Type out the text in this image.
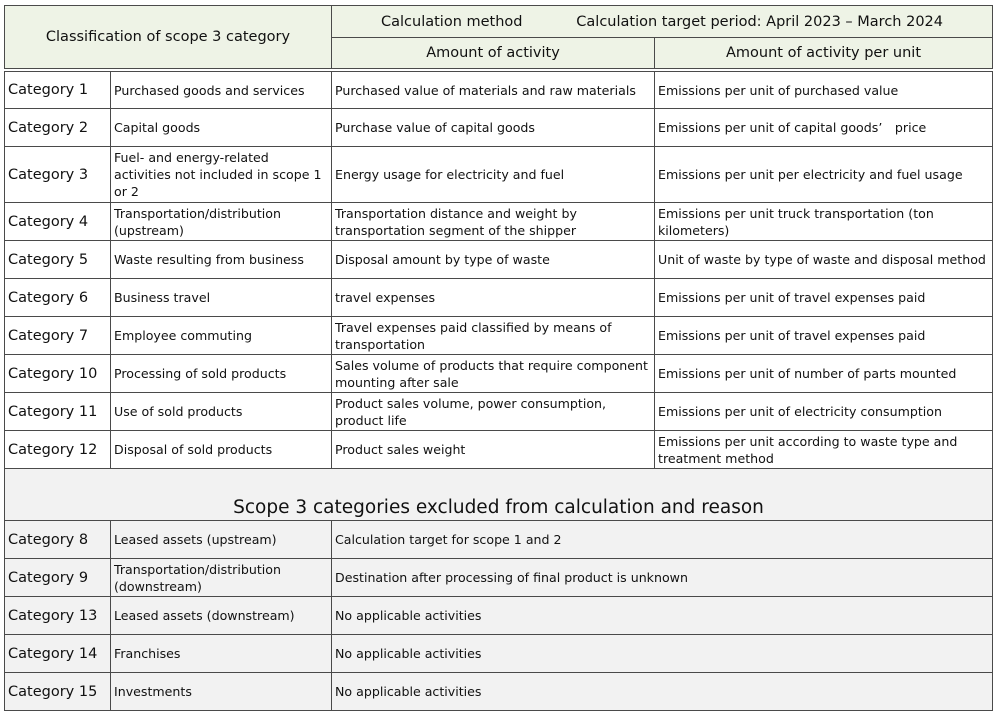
Classification of scope 3 category		Calculation method Calculation target period: April 2023 – March 2024	

		Amount of activity	Amount of activity per unit

Category 1	Purchased goods and services	Purchased value of materials and raw materials	Emissions per unit of purchased value
Category 2	Capital goods	Purchase value of capital goods	Emissions per unit of capital goods’　price
Category 3	Fuel- and energy-related activities not included in scope 1 or 2	Energy usage for electricity and fuel	Emissions per unit per electricity and fuel usage
Category 4	Transportation/distribution (upstream)	Transportation distance and weight by transportation segment of the shipper	Emissions per unit truck transportation (ton kilometers)
Category 5	Waste resulting from business	Disposal amount by type of waste	Unit of waste by type of waste and disposal method
Category 6	Business travel	travel expenses	Emissions per unit of travel expenses paid
Category 7	Employee commuting	Travel expenses paid classified by means of transportation	Emissions per unit of travel expenses paid
Category 10	Processing of sold products	Sales volume of products that require component mounting after sale	Emissions per unit of number of parts mounted
Category 11	Use of sold products	Product sales volume, power consumption, product life	Emissions per unit of electricity consumption
Category 12	Disposal of sold products	Product sales weight	Emissions per unit according to waste type and treatment method
Scope 3 categories excluded from calculation and reason			
Category 8	Leased assets (upstream)	Calculation target for scope 1 and 2	
Category 9	Transportation/distribution (downstream)	Destination after processing of final product is unknown	
Category 13	Leased assets (downstream)	No applicable activities	
Category 14	Franchises	No applicable activities	
Category 15	Investments	No applicable activities	
